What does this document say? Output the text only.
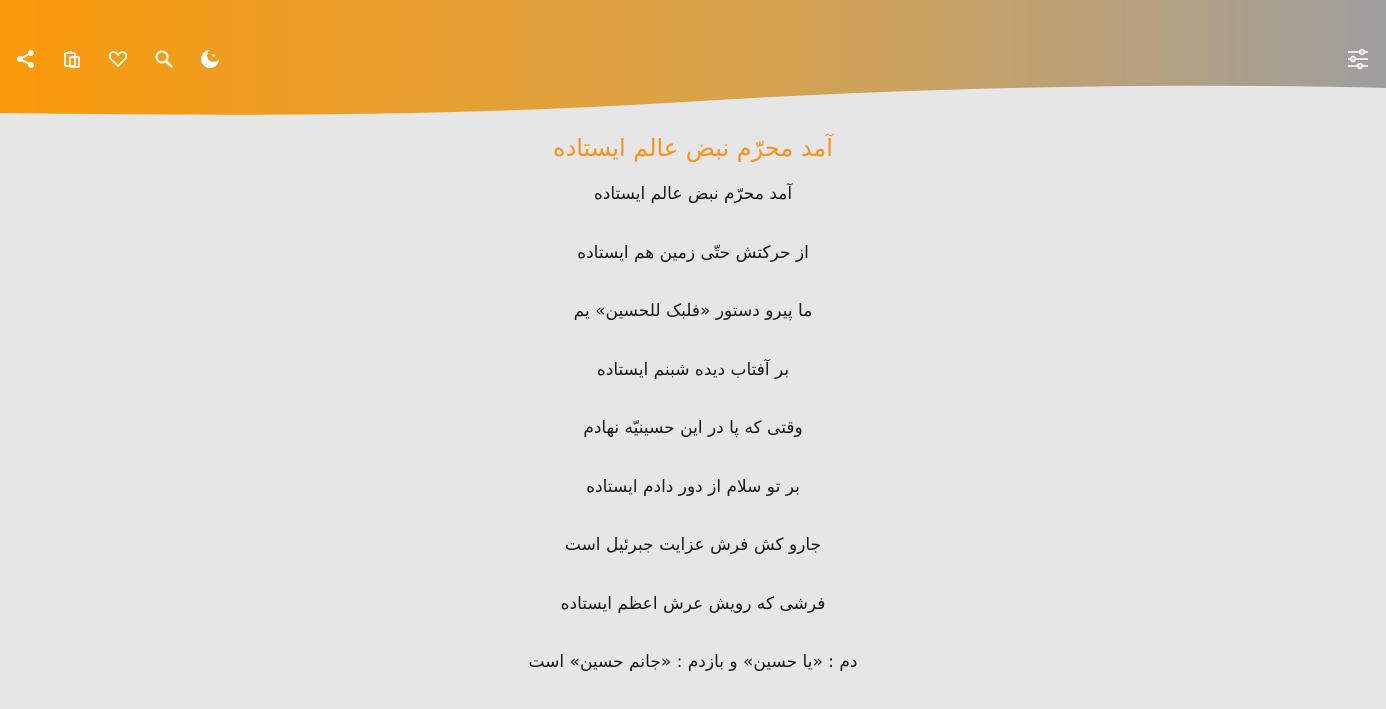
آمد محرّم نبض عالم ایستاده
آمد محرّم نبض عالم ایستاده
از حرکتش حتّی زمین هم ایستاده
ما پیرو دستور «فلبک للحسین» یم
بر آفتاب دیده شبنم ایستاده
وقتی که پا در این حسینیّه نهادم
بر تو سلام از دور دادم ایستاده
جارو کش فرش عزایت جبرئیل است
فرشی که رویش عرش اعظم ایستاده
دم : «یا حسین» و بازدم : «جانم حسین» است
